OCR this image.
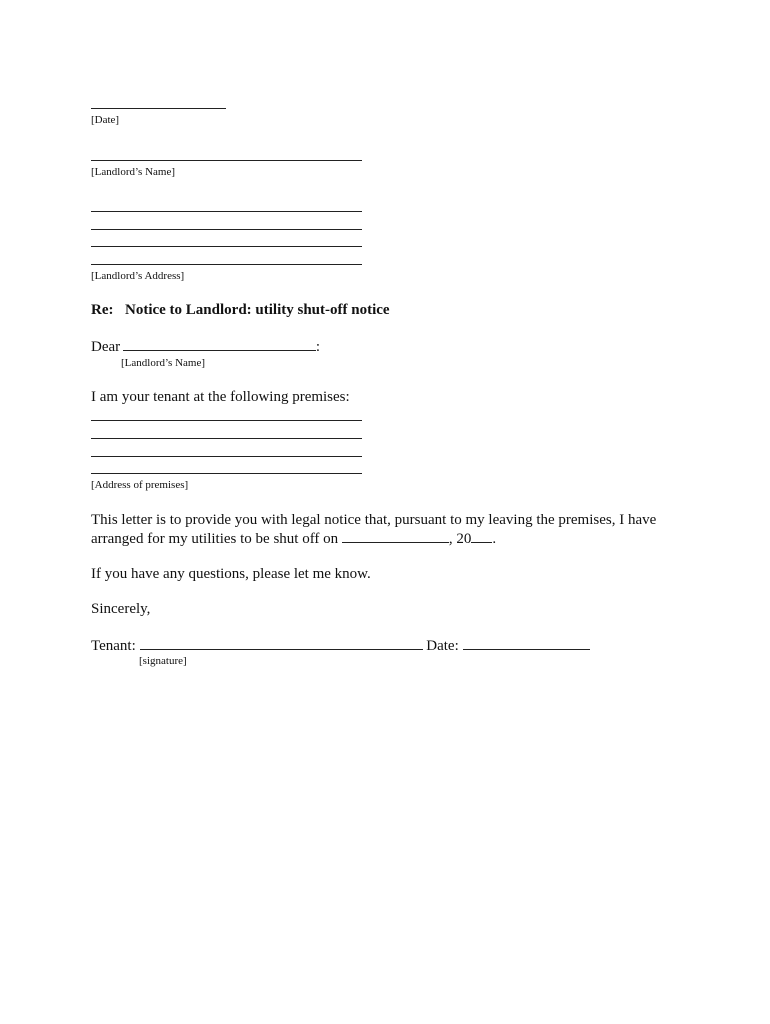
[Date]
[Landlord’s Name]
[Landlord’s Address]
Re: Notice to Landlord: utility shut-off notice
Dear	:
[Landlord’s Name]
I am your tenant at the following premises:
[Address of premises]
This letter is to provide you with legal notice that, pursuant to my leaving the premises, I have
arranged for my utilities to be shut off on	, 20 .
If you have any questions, please let me know.
Sincerely,
Tenant:	Date:
[signature]
